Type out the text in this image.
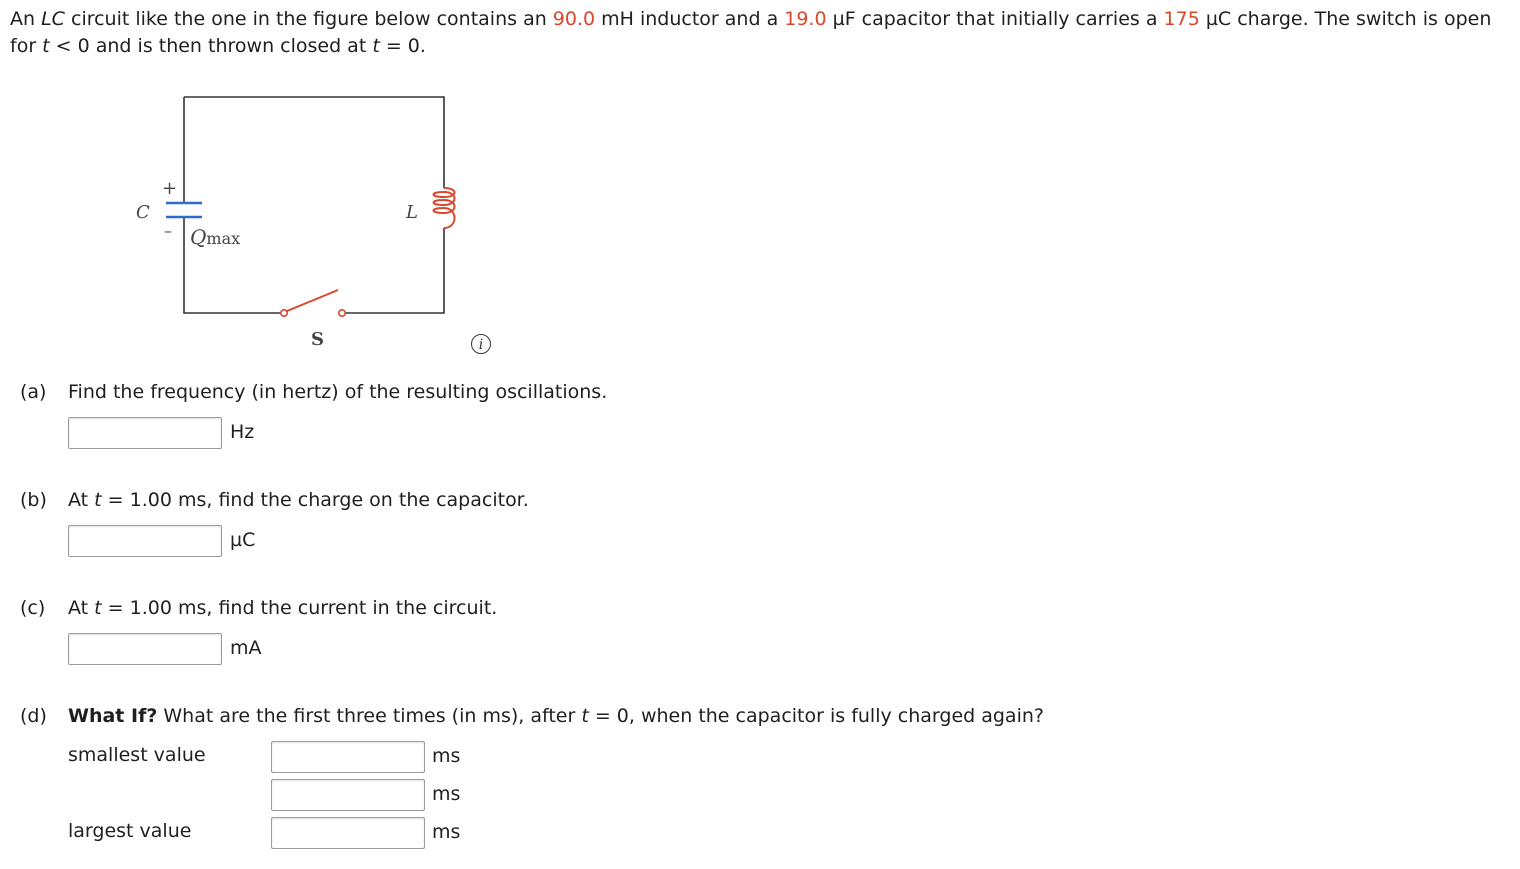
An LC circuit like the one in the figure below contains an 90.0 mH inductor and a 19.0 µF capacitor that initially carries a 175 µC charge. The switch is open for t < 0 and is then thrown closed at t = 0.
C
+
–
L
S
Qmax
i
(a) Find the frequency (in hertz) of the resulting oscillations.
Hz
(b) At t = 1.00 ms, find the charge on the capacitor.
µC
(c) At t = 1.00 ms, find the current in the circuit.
mA
(d) What If? What are the first three times (in ms), after t = 0, when the capacitor is fully charged again?
smallest value	ms
ms
largest value	ms
